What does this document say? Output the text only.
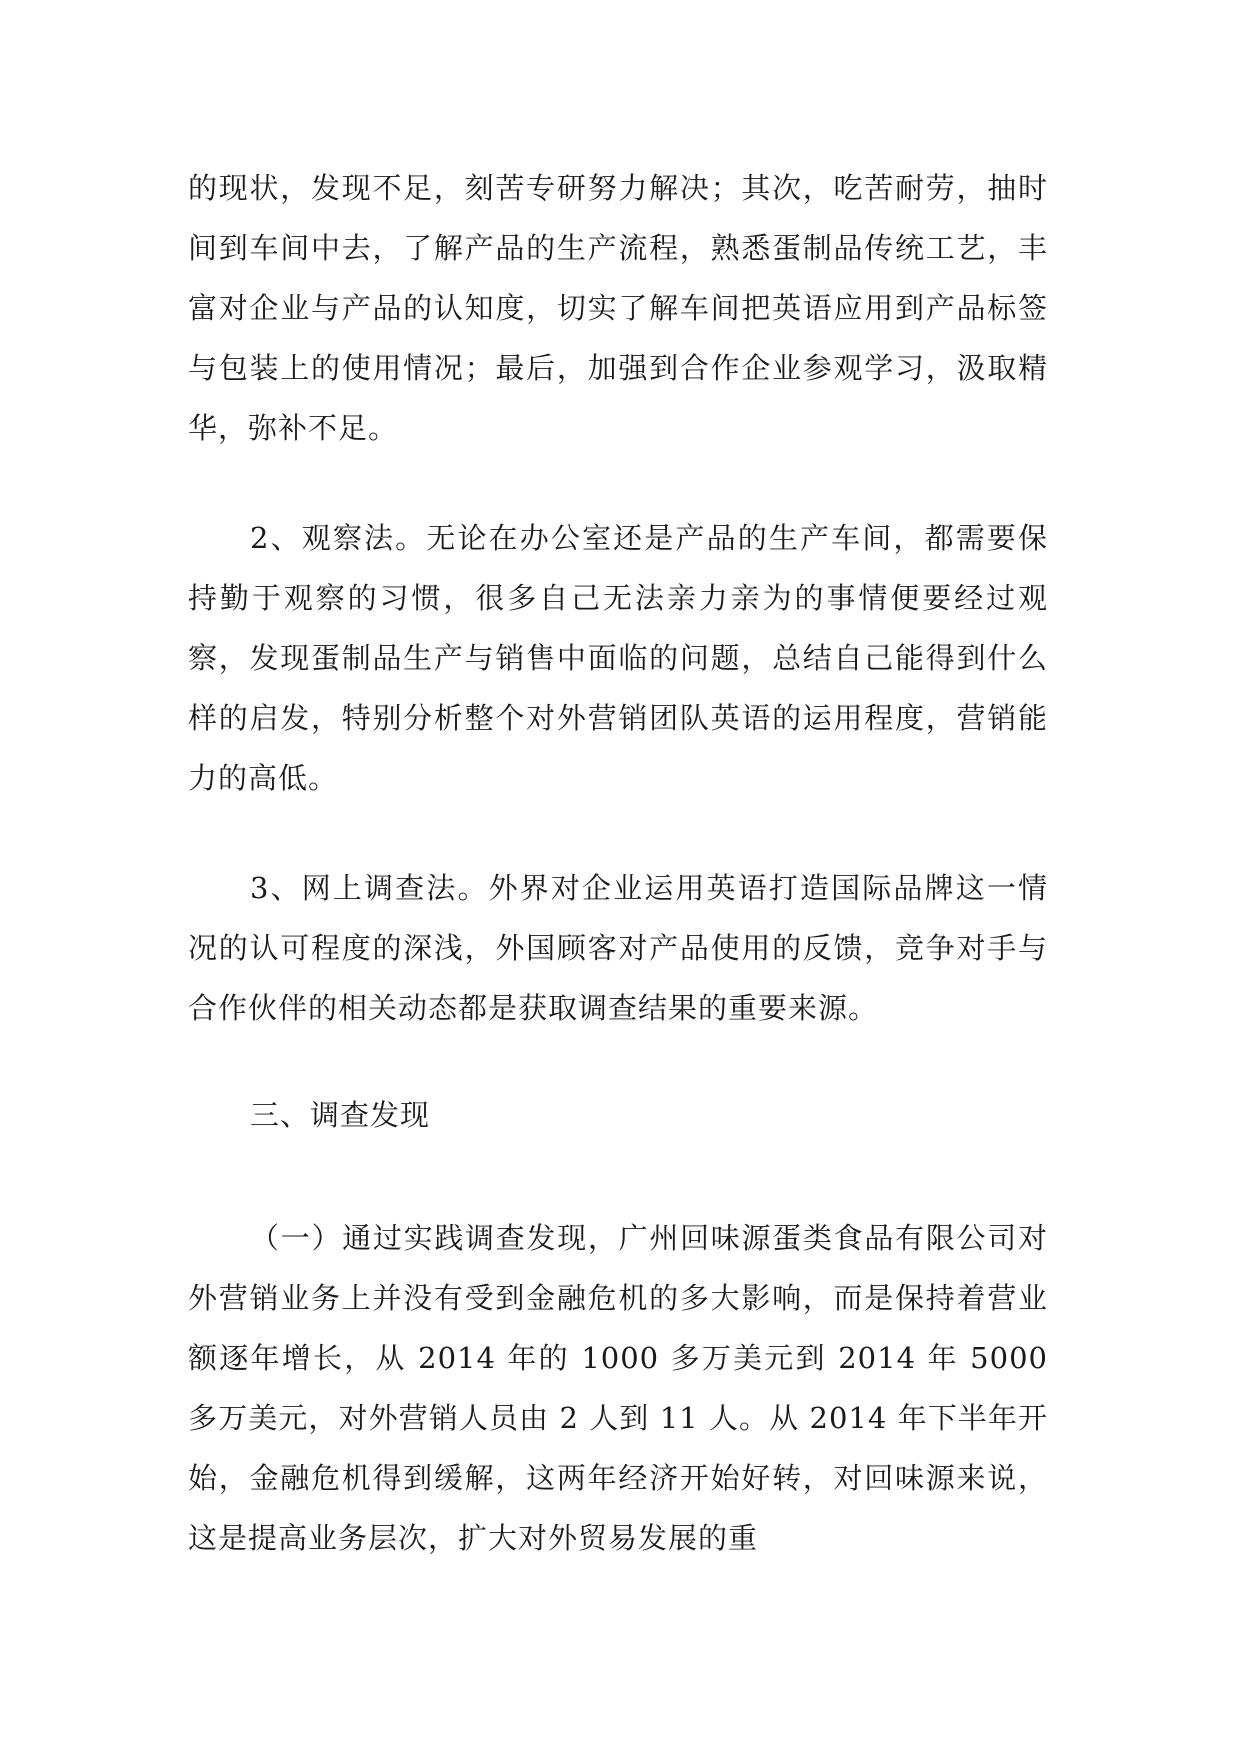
的现状，发现不足，刻苦专研努力解决；其次，吃苦耐劳，抽时间到车间中去，了解产品的生产流程，熟悉蛋制品传统工艺，丰富对企业与产品的认知度，切实了解车间把英语应用到产品标签与包装上的使用情况；最后，加强到合作企业参观学习，汲取精华，弥补不足。

2、观察法。无论在办公室还是产品的生产车间，都需要保持勤于观察的习惯，很多自己无法亲力亲为的事情便要经过观察，发现蛋制品生产与销售中面临的问题，总结自己能得到什么样的启发，特别分析整个对外营销团队英语的运用程度，营销能力的高低。

3、网上调查法。外界对企业运用英语打造国际品牌这一情况的认可程度的深浅，外国顾客对产品使用的反馈，竞争对手与合作伙伴的相关动态都是获取调查结果的重要来源。

三、调查发现

（一）通过实践调查发现，广州回味源蛋类食品有限公司对外营销业务上并没有受到金融危机的多大影响，而是保持着营业额逐年增长，从 2014 年的 1000 多万美元到 2014 年 5000 多万美元，对外营销人员由 2 人到 11 人。从 2014 年下半年开始，金融危机得到缓解，这两年经济开始好转，对回味源来说，这是提高业务层次，扩大对外贸易发展的重
